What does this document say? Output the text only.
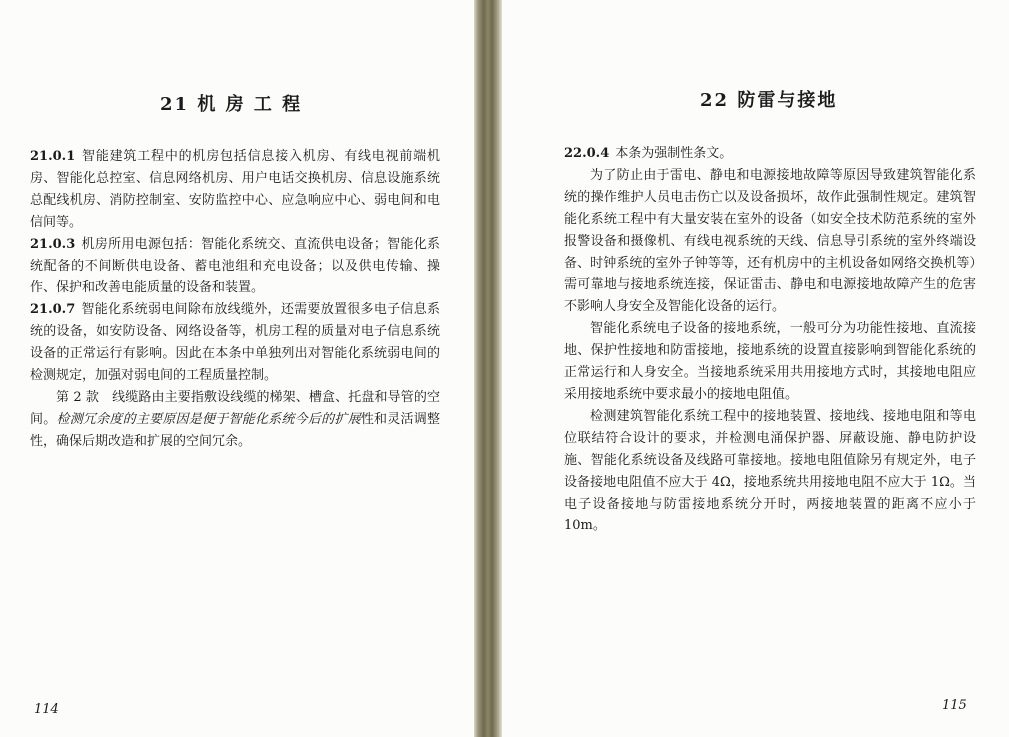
21 机 房 工 程

21.0.1 智能建筑工程中的机房包括信息接入机房、有线电视前端机房、智能化总控室、信息网络机房、用户电话交换机房、信息设施系统总配线机房、消防控制室、安防监控中心、应急响应中心、弱电间和电信间等。

21.0.3 机房所用电源包括：智能化系统交、直流供电设备；智能化系统配备的不间断供电设备、蓄电池组和充电设备；以及供电传输、操作、保护和改善电能质量的设备和装置。

21.0.7 智能化系统弱电间除布放线缆外，还需要放置很多电子信息系统的设备，如安防设备、网络设备等，机房工程的质量对电子信息系统设备的正常运行有影响。因此在本条中单独列出对智能化系统弱电间的检测规定，加强对弱电间的工程质量控制。

第 2 款　线缆路由主要指敷设线缆的梯架、槽盒、托盘和导管的空间。检测冗余度的主要原因是便于智能化系统今后的扩展性和灵活调整性，确保后期改造和扩展的空间冗余。

114
22 防雷与接地

22.0.4 本条为强制性条文。

为了防止由于雷电、静电和电源接地故障等原因导致建筑智能化系统的操作维护人员电击伤亡以及设备损坏，故作此强制性规定。建筑智能化系统工程中有大量安装在室外的设备（如安全技术防范系统的室外报警设备和摄像机、有线电视系统的天线、信息导引系统的室外终端设备、时钟系统的室外子钟等等，还有机房中的主机设备如网络交换机等）需可靠地与接地系统连接，保证雷击、静电和电源接地故障产生的危害不影响人身安全及智能化设备的运行。

智能化系统电子设备的接地系统，一般可分为功能性接地、直流接地、保护性接地和防雷接地，接地系统的设置直接影响到智能化系统的正常运行和人身安全。当接地系统采用共用接地方式时，其接地电阻应采用接地系统中要求最小的接地电阻值。

检测建筑智能化系统工程中的接地装置、接地线、接地电阻和等电位联结符合设计的要求，并检测电涌保护器、屏蔽设施、静电防护设施、智能化系统设备及线路可靠接地。接地电阻值除另有规定外，电子设备接地电阻值不应大于 4Ω，接地系统共用接地电阻不应大于 1Ω。当电子设备接地与防雷接地系统分开时，两接地装置的距离不应小于 10m。

115
